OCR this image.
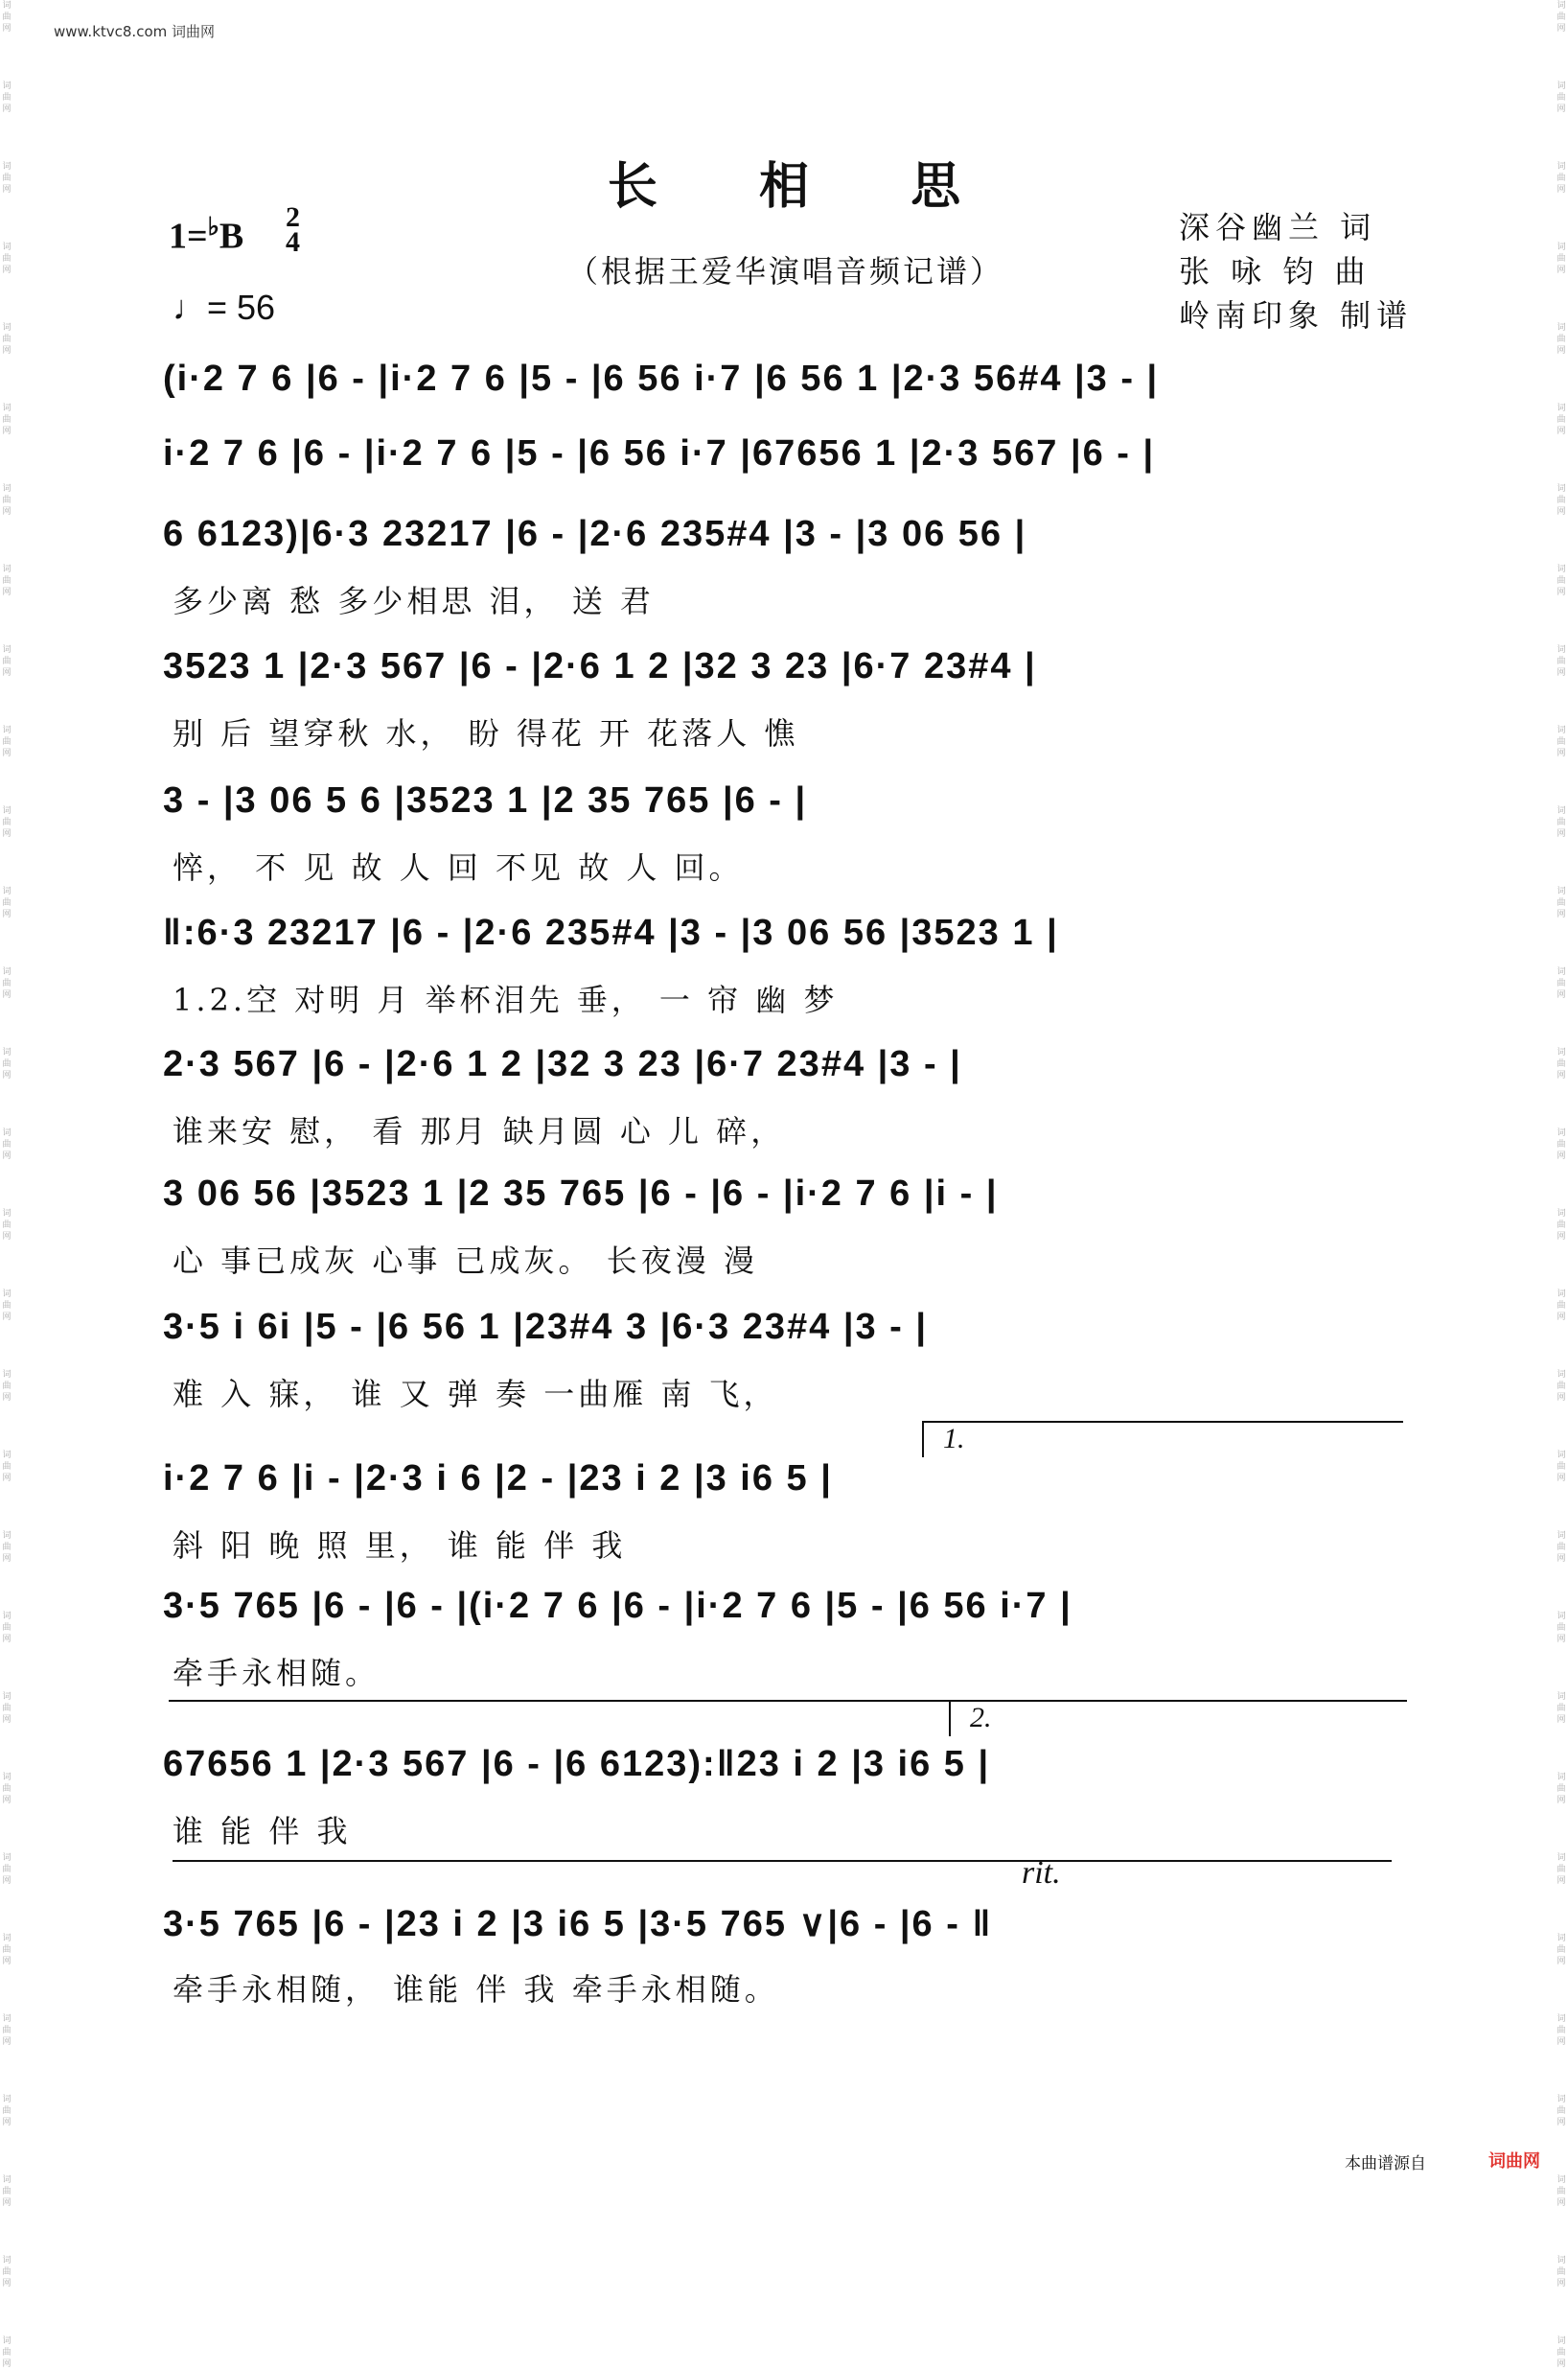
www.ktvc8.com 词曲网
长 相 思
1=♭B 2
4
♩= 56
（根据王爱华演唱音频记谱）
深谷幽兰 词
张 咏 钧 曲
岭南印象 制谱
词曲网
词曲网
词曲网
词曲网
词曲网
词曲网
词曲网
词曲网
词曲网
词曲网
词曲网
词曲网
词曲网
词曲网
词曲网
词曲网
词曲网
词曲网
词曲网
词曲网
词曲网
词曲网
词曲网
词曲网
词曲网
词曲网
词曲网
词曲网
词曲网
词曲网
词曲网
词曲网
词曲网
词曲网
词曲网
词曲网
词曲网
词曲网
词曲网
词曲网
词曲网
词曲网
词曲网
词曲网
词曲网
词曲网
词曲网
词曲网
词曲网
词曲网
词曲网
词曲网
词曲网
词曲网
词曲网
词曲网
词曲网
词曲网
词曲网
词曲网
(i·2 7 6 |6 - |i·2 7 6 |5 - |6 56 i·7 |6 56 1 |2·3 56#4 |3 - |
i·2 7 6 |6 - |i·2 7 6 |5 - |6 56 i·7 |67656 1 |2·3 567 |6 - |
6 6123)|6·3 23217 |6 - |2·6 235#4 |3 - |3 06 56 |
多少离 愁 多少相思 泪， 送 君
3523 1 |2·3 567 |6 - |2·6 1 2 |32 3 23 |6·7 23#4 |
别 后 望穿秋 水， 盼 得花 开 花落人 憔
3 - |3 06 5 6 |3523 1 |2 35 765 |6 - |
悴， 不 见 故 人 回 不见 故 人 回。
‖:6·3 23217 |6 - |2·6 235#4 |3 - |3 06 56 |3523 1 |
1.2.空 对明 月 举杯泪先 垂， 一 帘 幽 梦
2·3 567 |6 - |2·6 1 2 |32 3 23 |6·7 23#4 |3 - |
谁来安 慰， 看 那月 缺月圆 心 儿 碎，
3 06 56 |3523 1 |2 35 765 |6 - |6 - |i·2 7 6 |i - |
心 事已成灰 心事 已成灰。 长夜漫 漫
3·5 i 6i |5 - |6 56 1 |23#4 3 |6·3 23#4 |3 - |
难 入 寐， 谁 又 弹 奏 一曲雁 南 飞，
i·2 7 6 |i - |2·3 i 6 |2 - |23 i 2 |3 i6 5 |
斜 阳 晚 照 里， 谁 能 伴 我
3·5 765 |6 - |6 - |(i·2 7 6 |6 - |i·2 7 6 |5 - |6 56 i·7 |
牵手永相随。
67656 1 |2·3 567 |6 - |6 6123):‖23 i 2 |3 i6 5 |
谁 能 伴 我
3·5 765 |6 - |23 i 2 |3 i6 5 |3·5 765 ∨|6 - |6 - ‖
牵手永相随， 谁能 伴 我 牵手永相随。
1.
2.
rit.
本曲谱源自	词曲网
